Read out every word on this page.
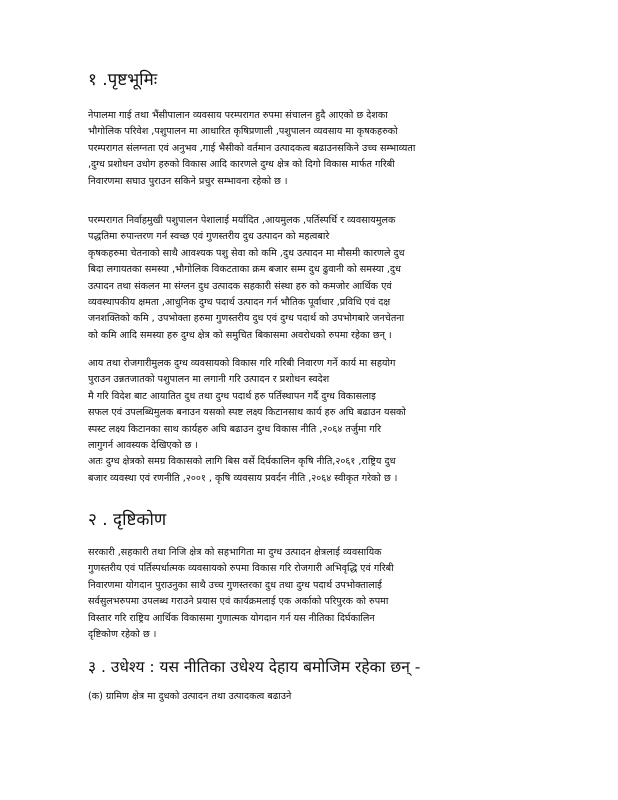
१ .पृष्टभूमिः
नेपालमा गाई तथा भैंसीपालान व्यवसाय परम्परागत रुपमा संचालन हुदै आएको छ देशका
भौगोलिक परिवेश ,पशुपालन मा आधारित कृषिप्रणाली ,पशुपालन व्यवसाय मा कृषकहरुको
परम्परागत संलग्नता एवं अनुभव ,गाई भैसीको वर्तमान उत्पादकत्व बढाउनसकिने उच्च सम्भाव्यता
,दुग्ध प्रशोधन उधोग हरुको विकास आदि कारणले दुग्ध क्षेत्र को दिगो विकास मार्फत गरिबी
निवारणमा सघाउ पुराउन सकिने प्रचुर सम्भावना रहेको छ ।
परम्परागत निर्वाहमुखी पशुपालन पेशालाई मर्यादित ,आयमुलक ,पर्तिस्पर्धि र व्यवसायमुलक
पद्धतिमा रुपान्तरण गर्न स्वच्छ एवं गुणस्तरीय दुध उत्पादन को महत्वबारे
कृषकहरुमा चेतनाको साथै आवश्यक पशु सेवा को कमि ,दुध उत्पादन मा मौसमी कारणले दुध
बिदा लगायतका समस्या ,भौगोलिक विकटताका क्रम बजार सम्म दुध ढुवानी को समस्या ,दुध
उत्पादन तथा संकलन मा संग्लन दुध उत्पादक सहकारी संस्था हरु को कमजोर आर्थिक एवं
व्यवस्थापकीय क्षमता ,आधुनिक दुग्ध पदार्थ उत्पादन गर्न भौतिक पूर्वाधार ,प्रविधि एवं दक्ष
जनशक्तिको कमि , उपभोक्ता हरुमा गुणस्तरीय दुध एवं दुग्ध पदार्थ को उपभोगबारे जनचेतना
को कमि आदि समस्या हरु दुग्ध क्षेत्र को समुचित बिकासमा अवरोधको रुपमा रहेका छन् ।
आय तथा रोजगारीमुलक दुग्ध व्यवसायको विकास गरि गरिबी निवारण गर्ने कार्य मा सहयोग
पुराउन उन्नतजातको पशुपालन मा लगानी गरि उत्पादन र प्रशोधन स्वदेश
मै गरि विदेश बाट आयातित दुध तथा दुग्ध पदार्थ हरु पर्तिस्थापन गर्दै दुग्ध विकासलाइ
सफल एवं उपलब्धिमुलक बनाउन यसको स्पष्ट लक्ष्य किटानसाथ कार्य हरु अघि बढाउन यसको
स्पस्ट लक्ष्य किटानका साथ कार्यहरु अघि बढाउन दुग्ध विकास नीति ,२०६४ तर्जुमा गरि
लागुगर्न आवस्यक देखिएको छ ।
अतः दुग्ध क्षेत्रको समग्र विकासको लागि बिस वर्से दिर्घकालिन कृषि नीति,२०६१ ,राष्ट्रिय दुध
बजार व्यवस्था एवं रणनीति ,२००१ , कृषि व्यवसाय प्रवर्दन नीति ,२०६४ स्वीकृत गरेको छ ।
२ . दृष्टिकोण
सरकारी ,सहकारी तथा निजि क्षेत्र को सहभागिता मा दुग्ध उत्पादन क्षेत्रलाई व्यवसायिक
गुणस्तरीय एवं पर्तिस्पर्धात्मक व्यवसायको रुपमा विकास गरि रोजगारी अभिवृद्धि एवं गरिबी
निवारणमा योगदान पुराउनुका साथै उच्च गुणस्तरका दुध तथा दुग्ध पदार्थ उपभोक्तालाई
सर्वसुलभरुपमा उपलब्ध गराउने प्रयास एवं कार्यक्रमलाई एक अर्काको परिपुरक को रुपमा
विस्तार गरि राष्ट्रिय आर्थिक विकासमा गुणात्मक योगदान गर्न यस नीतिका दिर्घकालिन
दृष्टिकोण रहेको छ ।
३ . उधेश्य : यस नीतिका उधेश्य देहाय बमोजिम रहेका छन् -
(क) ग्रामिण क्षेत्र मा दुधको उत्पादन तथा उत्पादकत्व बढाउने
